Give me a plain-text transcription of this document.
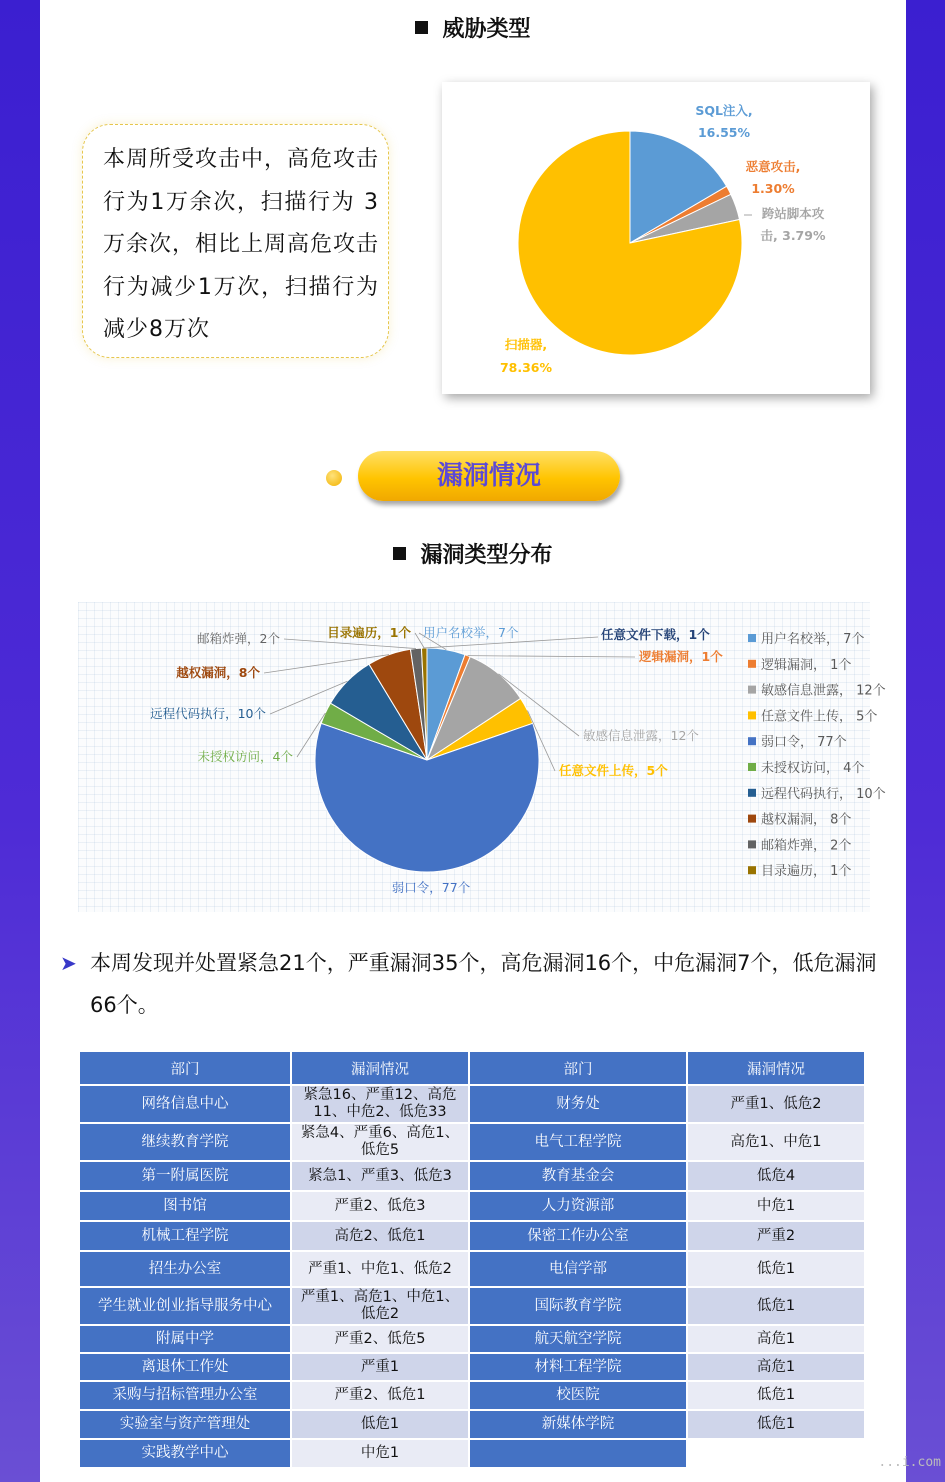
威胁类型

本周所受攻击中，高危攻击行为1万余次，扫描行为 3万余次，相比上周高危攻击行为减少1万次，扫描行为减少8万次

SQL注入,
16.55%
恶意攻击,
1.30%
跨站脚本攻
击, 3.79%
扫描器,
78.36%
漏洞情况
漏洞类型分布
用户名校举，7个
逻辑漏洞，1个
敏感信息泄露，12个
任意文件上传，5个
弱口令，77个
未授权访问，4个
远程代码执行，10个
越权漏洞，8个
邮箱炸弹，2个	目录遍历，1个	任意文件下载，1个	用户名校举， 7个
逻辑漏洞， 1个
敏感信息泄露， 12个
任意文件上传， 5个
弱口令， 77个
未授权访问， 4个
远程代码执行， 10个
越权漏洞， 8个
邮箱炸弹， 2个
目录遍历， 1个
➤ 本周发现并处置紧急21个，严重漏洞35个，高危漏洞16个，中危漏洞7个，低危漏洞66个。
部门	漏洞情况	部门	漏洞情况
网络信息中心	紧急16、严重12、高危11、中危2、低危33	财务处	严重1、低危2
继续教育学院	紧急4、严重6、高危1、低危5	电气工程学院	高危1、中危1
第一附属医院	紧急1、严重3、低危3	教育基金会	低危4
图书馆	严重2、低危3	人力资源部	中危1
机械工程学院	高危2、低危1	保密工作办公室	严重2
招生办公室	严重1、中危1、低危2	电信学部	低危1
学生就业创业指导服务中心	严重1、高危1、中危1、低危2	国际教育学院	低危1
附属中学	严重2、低危5	航天航空学院	高危1
离退休工作处	严重1	材料工程学院	高危1
采购与招标管理办公室	严重2、低危1	校医院	低危1
实验室与资产管理处	低危1	新媒体学院	低危1
实践教学中心	中危1		
...i.com
